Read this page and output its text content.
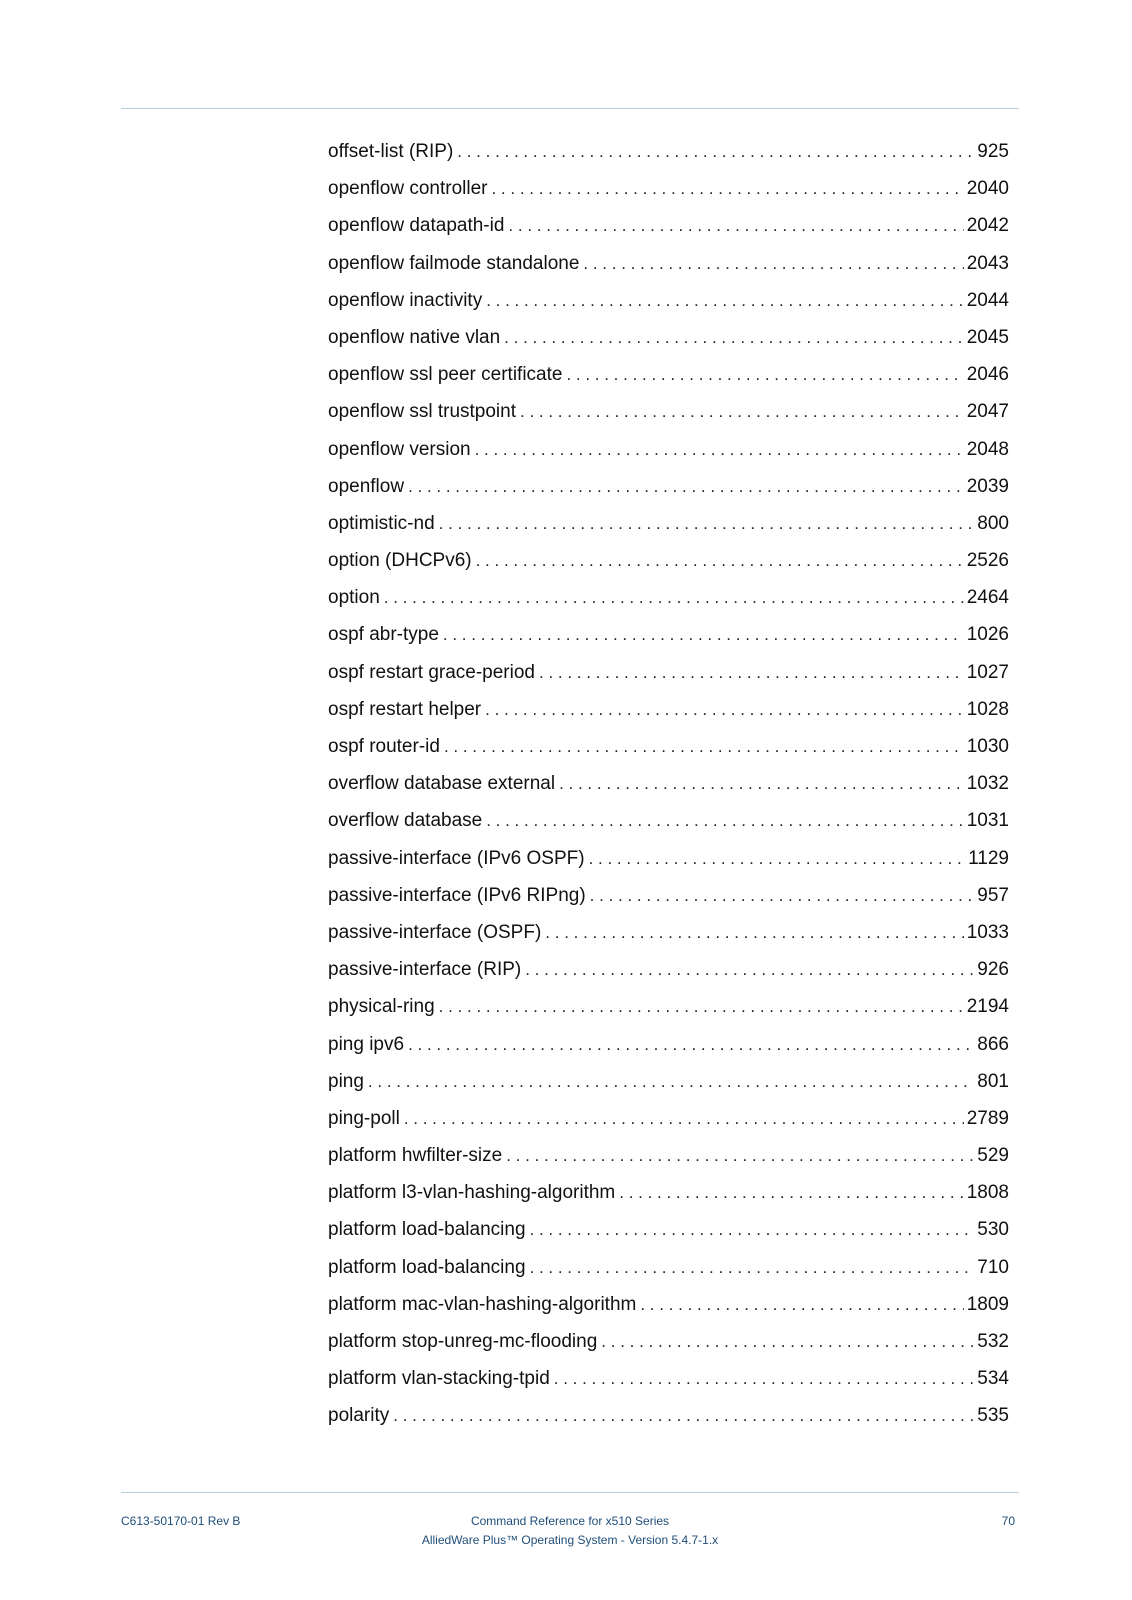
offset-list (RIP) . . .	925
openflow controller . . .	2040
openflow datapath-id . . .	2042
openflow failmode standalone . . .	2043
openflow inactivity . . .	2044
openflow native vlan . . .	2045
openflow ssl peer certificate . . .	2046
openflow ssl trustpoint . . .	2047
openflow version . . .	2048
openflow . . .	2039
optimistic-nd . . .	800
option (DHCPv6) . . .	2526
option . . .	2464
ospf abr-type . . .	1026
ospf restart grace-period . . .	1027
ospf restart helper . . .	1028
ospf router-id . . .	1030
overflow database external . . .	1032
overflow database . . .	1031
passive-interface (IPv6 OSPF) . . .	1129
passive-interface (IPv6 RIPng) . . .	957
passive-interface (OSPF) . . .	1033
passive-interface (RIP) . . .	926
physical-ring . . .	2194
ping ipv6 . . .	866
ping . . .	801
ping-poll . . .	2789
platform hwfilter-size . . .	529
platform l3-vlan-hashing-algorithm . . .	1808
platform load-balancing . . .	530
platform load-balancing . . .	710
platform mac-vlan-hashing-algorithm . . .	1809
platform stop-unreg-mc-flooding . . .	532
platform vlan-stacking-tpid . . .	534
polarity . . .	535
C613-50170-01 Rev B	Command Reference for x510 Series
AlliedWare Plus™ Operating System - Version 5.4.7-1.x
70
